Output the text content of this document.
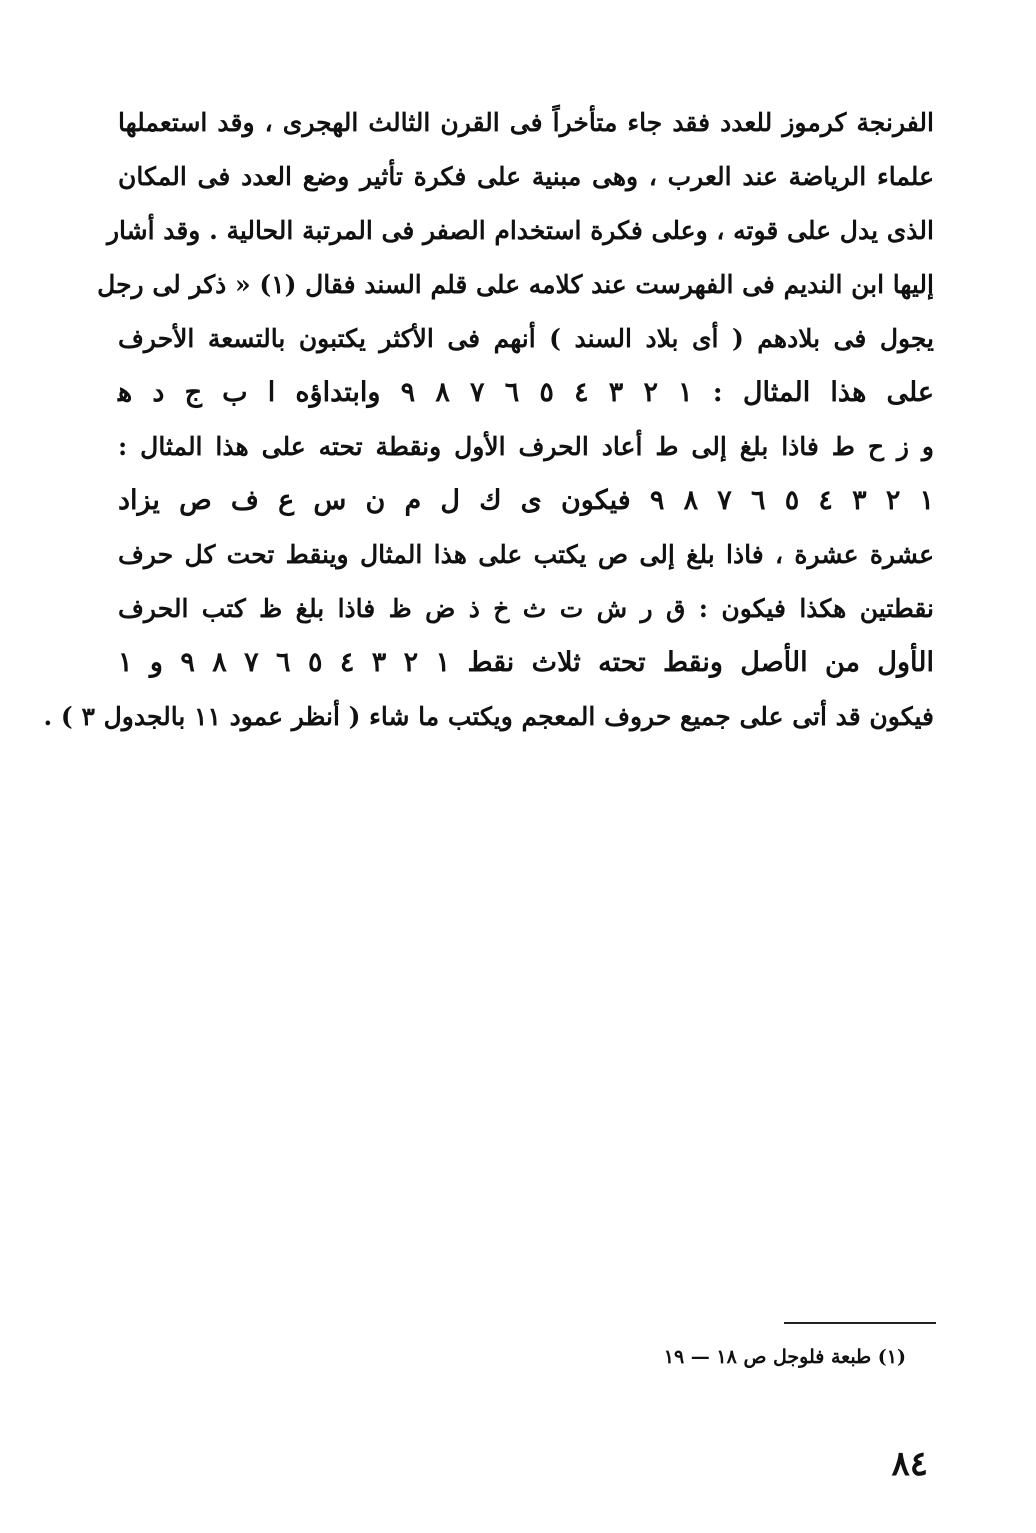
الفرنجة كرموز للعدد فقد جاء متأخراً فى القرن الثالث الهجرى ، وقد استعملها
علماء الرياضة عند العرب ، وهى مبنية على فكرة تأثير وضع العدد فى المكان
الذى يدل على قوته ، وعلى فكرة استخدام الصفر فى المرتبة الحالية . وقد أشار
إليها ابن النديم فى الفهرست عند كلامه على قلم السند فقال (١) « ذكر لى رجل
يجول فى بلادهم ( أى بلاد السند ) أنهم فى الأكثر يكتبون بالتسعة الأحرف
على هذا المثال : ١ ٢ ٣ ٤ ٥ ٦ ٧ ٨ ٩ وابتداؤه ا ب ج د ﻫ
و ز ح ط فاذا بلغ إلى ط أعاد الحرف الأول ونقطة تحته على هذا المثال :
١ ٢ ٣ ٤ ٥ ٦ ٧ ٨ ٩ فيكون ى ك ل م ن س ع ف ص يزاد
عشرة عشرة ، فاذا بلغ إلى ص يكتب على هذا المثال وينقط تحت كل حرف
نقطتين هكذا فيكون : ق ر ش ت ث خ ذ ض ظ فاذا بلغ ظ كتب الحرف
الأول من الأصل ونقط تحته ثلاث نقط ١ ٢ ٣ ٤ ٥ ٦ ٧ ٨ ٩ و ١
فيكون قد أتى على جميع حروف المعجم ويكتب ما شاء ( أنظر عمود ١١ بالجدول ٣ ) .
(١) طبعة فلوجل ص ١٨ — ١٩
٨٤
